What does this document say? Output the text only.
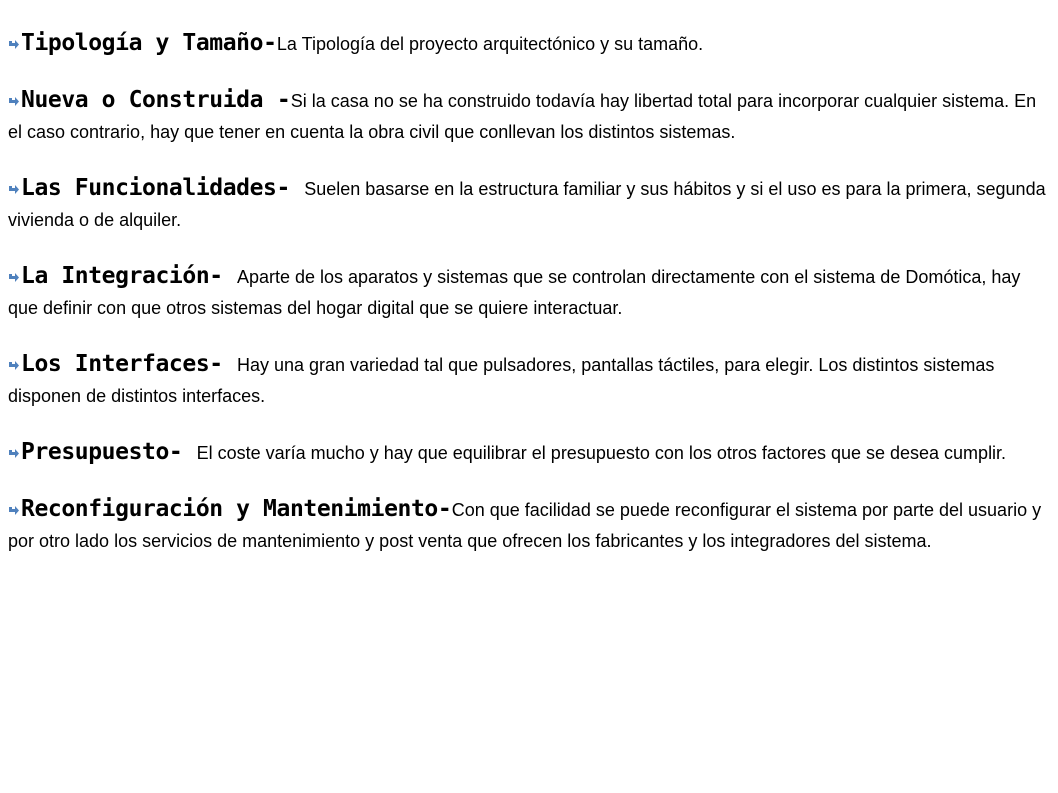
Tipología y Tamaño-La Tipología del proyecto arquitectónico y su tamaño.

Nueva o Construida -Si la casa no se ha construido todavía hay libertad total para incorporar cualquier sistema. En el caso contrario, hay que tener en cuenta la obra civil que conllevan los distintos sistemas.

Las Funcionalidades- Suelen basarse en la estructura familiar y sus hábitos y si el uso es para la primera, segunda vivienda o de alquiler.

La Integración- Aparte de los aparatos y sistemas que se controlan directamente con el sistema de Domótica, hay que definir con que otros sistemas del hogar digital que se quiere interactuar.

Los Interfaces- Hay una gran variedad tal que pulsadores, pantallas táctiles, para elegir. Los distintos sistemas disponen de distintos interfaces.

Presupuesto- El coste varía mucho y hay que equilibrar el presupuesto con los otros factores que se desea cumplir.

Reconfiguración y Mantenimiento-Con que facilidad se puede reconfigurar el sistema por parte del usuario y por otro lado los servicios de mantenimiento y post venta que ofrecen los fabricantes y los integradores del sistema.
